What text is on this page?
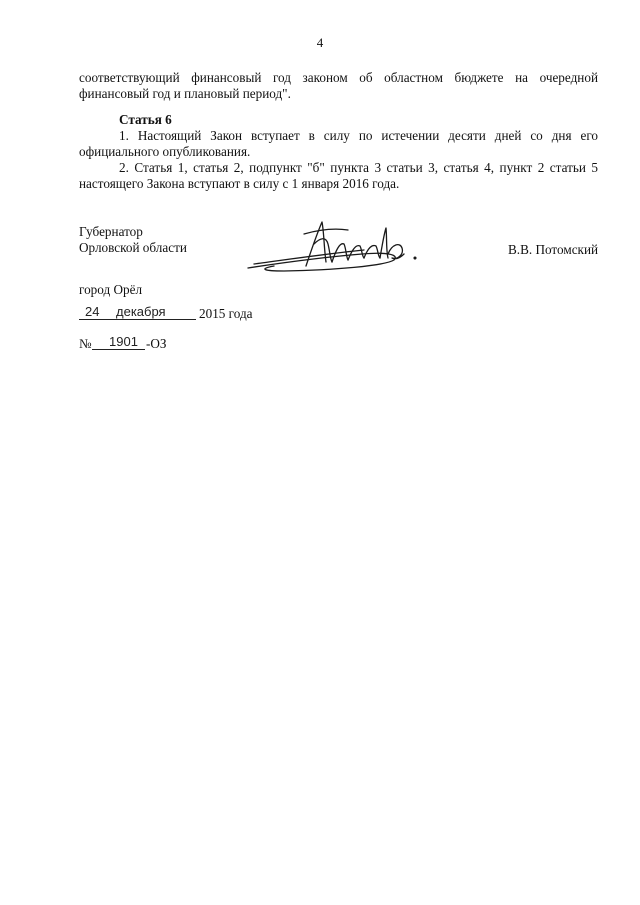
4
соответствующий финансовый год законом об областном бюджете на очередной
финансовый год и плановый период".
Статья 6
1. Настоящий Закон вступает в силу по истечении десяти дней со дня его
официального опубликования.
2. Статья 1, статья 2, подпункт "б" пункта 3 статьи 3, статья 4, пункт 2 статьи 5
настоящего Закона вступают в силу с 1 января 2016 года.
Губернатор
Орловской области	В.В. Потомский
город Орёл
24 декабря	2015 года
№ 1901 -ОЗ
